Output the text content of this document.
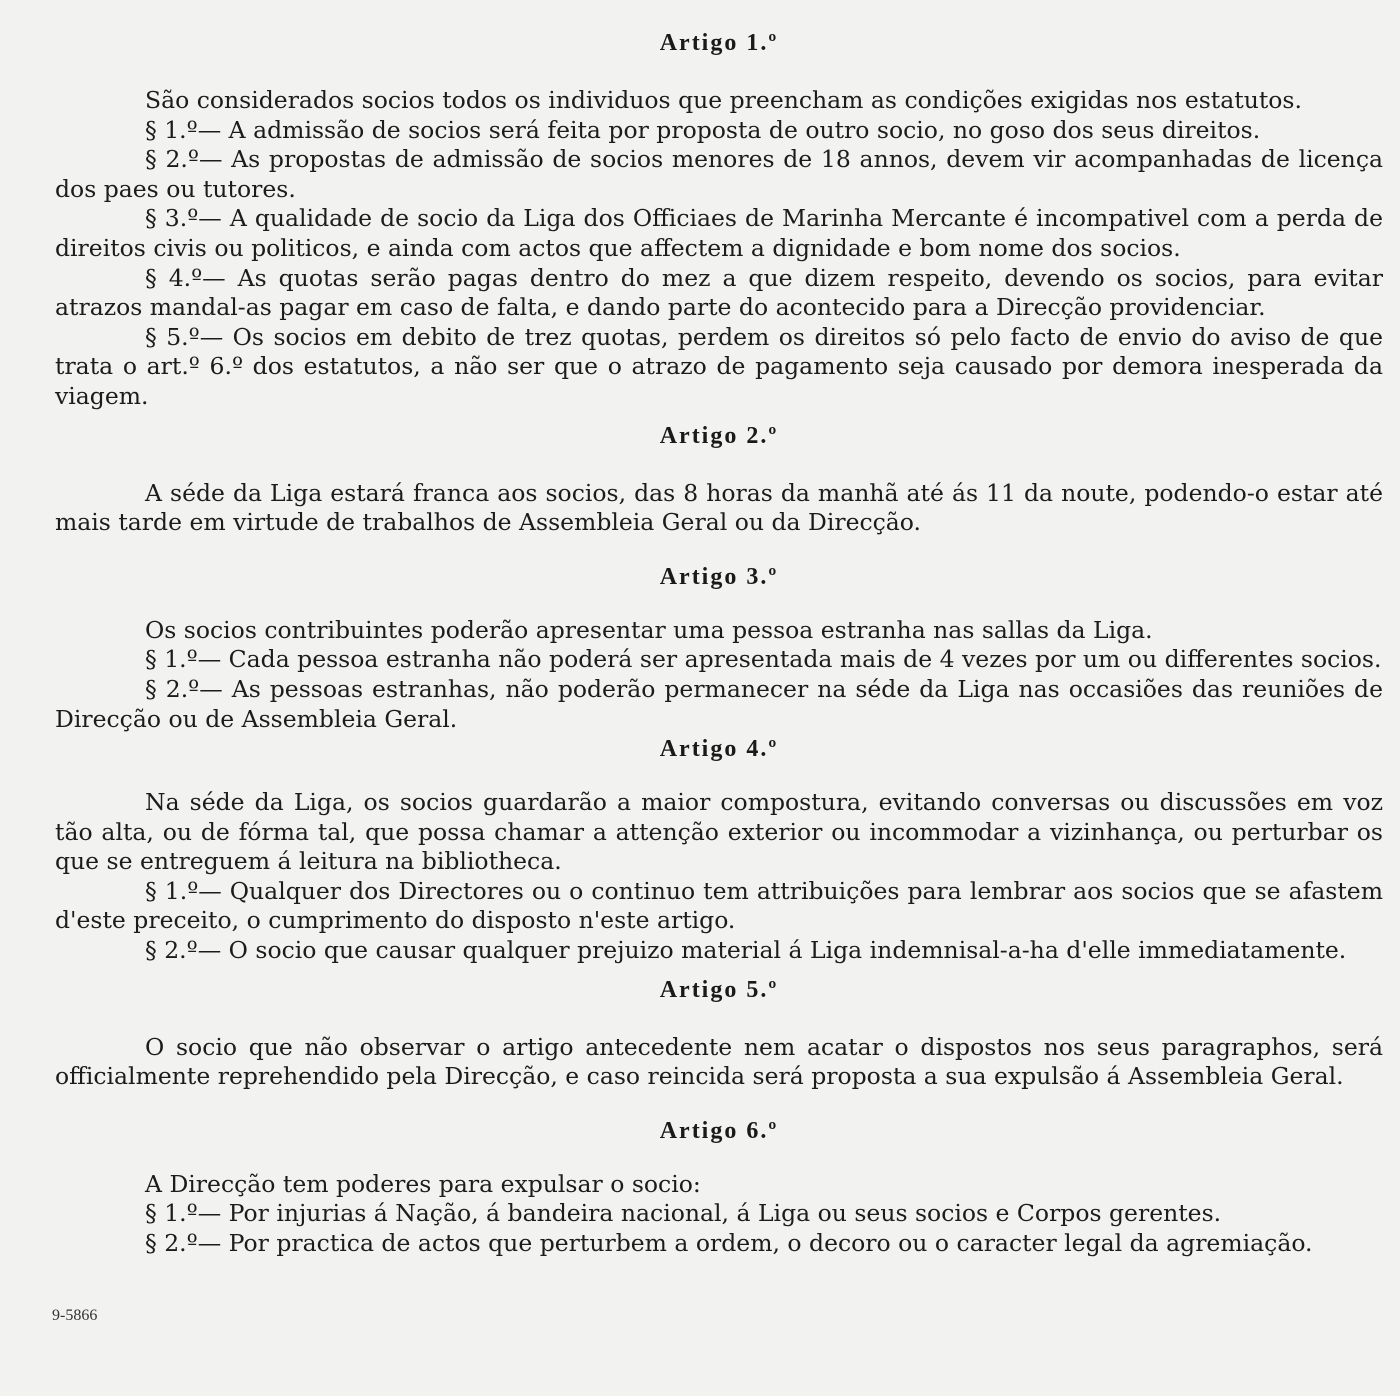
Artigo 1.º

São considerados socios todos os individuos que preencham as condições exigidas nos estatutos.

§ 1.º— A admissão de socios será feita por proposta de outro socio, no goso dos seus direitos.

§ 2.º— As propostas de admissão de socios menores de 18 annos, devem vir acompanhadas de licença dos paes ou tutores.

§ 3.º— A qualidade de socio da Liga dos Officiaes de Marinha Mercante é incompativel com a perda de direitos civis ou politicos, e ainda com actos que affectem a dignidade e bom nome dos socios.

§ 4.º— As quotas serão pagas dentro do mez a que dizem respeito, devendo os socios, para evitar atrazos mandal-as pagar em caso de falta, e dando parte do acontecido para a Direcção providenciar.

§ 5.º— Os socios em debito de trez quotas, perdem os direitos só pelo facto de envio do aviso de que trata o art.º 6.º dos estatutos, a não ser que o atrazo de pagamento seja causado por demora inesperada da viagem.

Artigo 2.º

A séde da Liga estará franca aos socios, das 8 horas da manhã até ás 11 da noute, podendo-o estar até mais tarde em virtude de trabalhos de Assembleia Geral ou da Direcção.

Artigo 3.º

Os socios contribuintes poderão apresentar uma pessoa estranha nas sallas da Liga.

§ 1.º— Cada pessoa estranha não poderá ser apresentada mais de 4 vezes por um ou differentes socios.

§ 2.º— As pessoas estranhas, não poderão permanecer na séde da Liga nas occasiões das reuniões de Direcção ou de Assembleia Geral.

Artigo 4.º

Na séde da Liga, os socios guardarão a maior compostura, evitando conversas ou discussões em voz tão alta, ou de fórma tal, que possa chamar a attenção exterior ou incommodar a vizinhança, ou perturbar os que se entreguem á leitura na bibliotheca.

§ 1.º— Qualquer dos Directores ou o continuo tem attribuições para lembrar aos socios que se afastem d'este preceito, o cumprimento do disposto n'este artigo.

§ 2.º— O socio que causar qualquer prejuizo material á Liga indemnisal-a-ha d'elle immediatamente.

Artigo 5.º

O socio que não observar o artigo antecedente nem acatar o dispostos nos seus paragraphos, será officialmente reprehendido pela Direcção, e caso reincida será proposta a sua expulsão á Assembleia Geral.

Artigo 6.º

A Direcção tem poderes para expulsar o socio:

§ 1.º— Por injurias á Nação, á bandeira nacional, á Liga ou seus socios e Corpos gerentes.

§ 2.º— Por practica de actos que perturbem a ordem, o decoro ou o caracter legal da agremiação.

9-5866
